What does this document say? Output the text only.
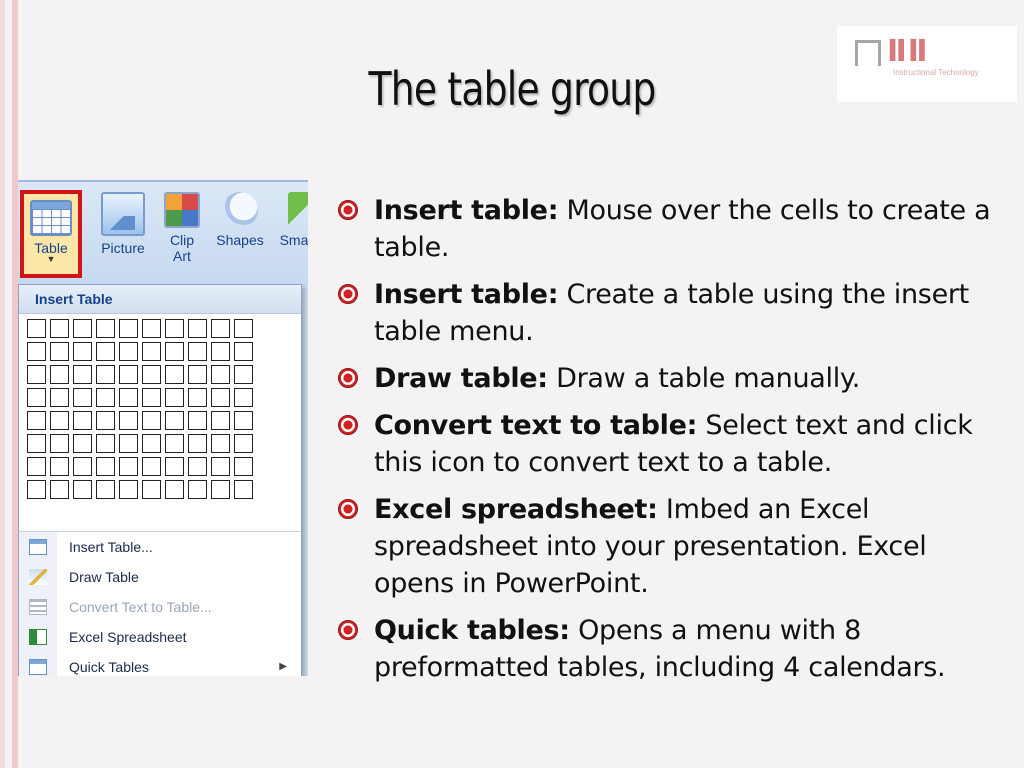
ⅡⅡ
Instructional Technology
The table group
Table
▼
Picture	Clip
Art
Shapes	Sma
Insert Table
Insert Table...
Draw Table
Convert Text to Table...
Excel Spreadsheet
Quick Tables	▶
Insert table: Mouse over the cells to create a table.
Insert table: Create a table using the insert table menu.
Draw table: Draw a table manually.
Convert text to table: Select text and click this icon to convert text to a table.
Excel spreadsheet: Imbed an Excel spreadsheet into your presentation. Excel opens in PowerPoint.
Quick tables: Opens a menu with 8 preformatted tables, including 4 calendars.
